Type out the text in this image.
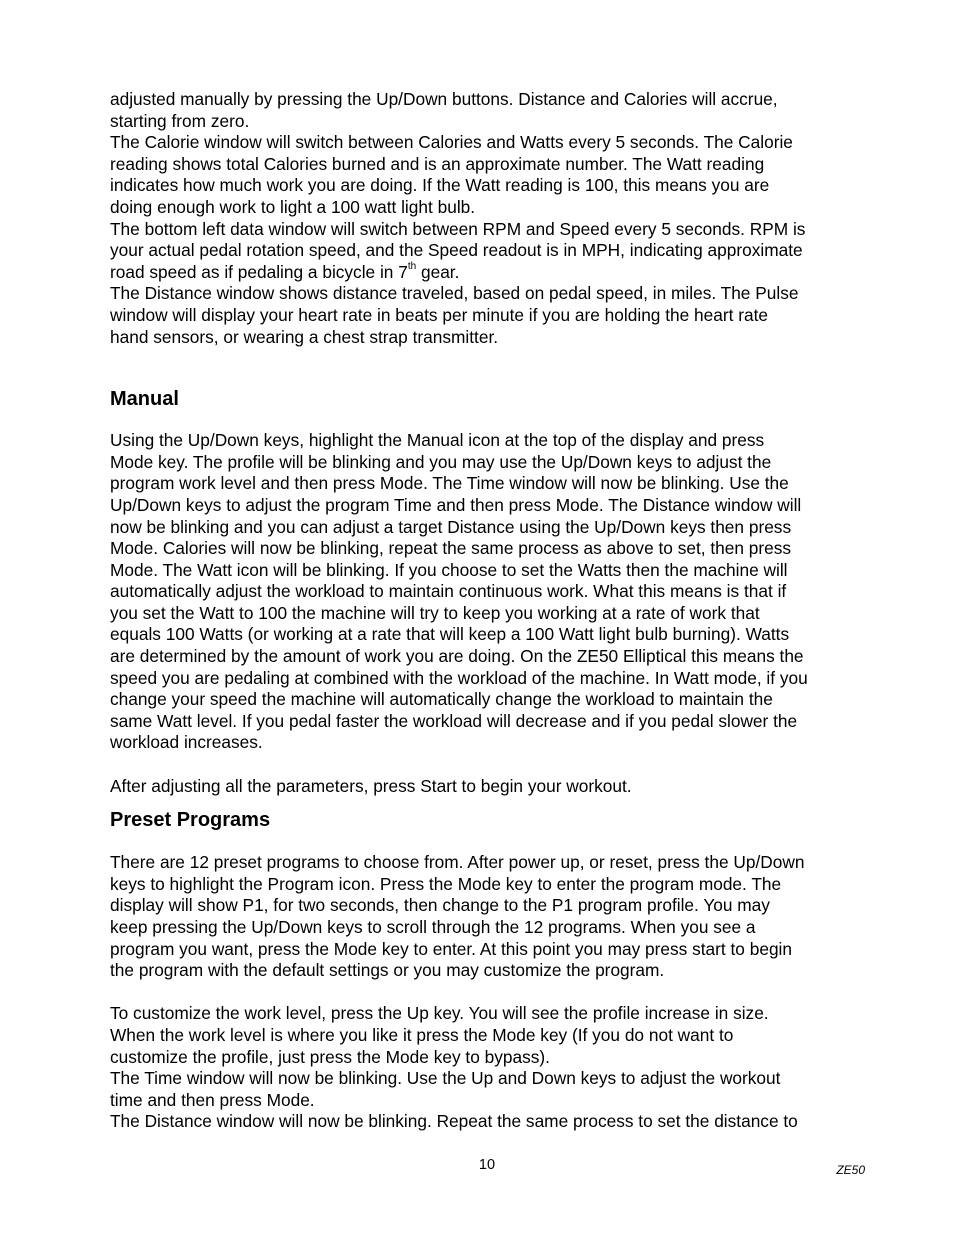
adjusted manually by pressing the Up/Down buttons. Distance and Calories will accrue,

starting from zero.

The Calorie window will switch between Calories and Watts every 5 seconds. The Calorie

reading shows total Calories burned and is an approximate number. The Watt reading

indicates how much work you are doing. If the Watt reading is 100, this means you are

doing enough work to light a 100 watt light bulb.

The bottom left data window will switch between RPM and Speed every 5 seconds. RPM is

your actual pedal rotation speed, and the Speed readout is in MPH, indicating approximate

road speed as if pedaling a bicycle in 7th gear.

The Distance window shows distance traveled, based on pedal speed, in miles. The Pulse

window will display your heart rate in beats per minute if you are holding the heart rate

hand sensors, or wearing a chest strap transmitter.

Manual

Using the Up/Down keys, highlight the Manual icon at the top of the display and press

Mode key. The profile will be blinking and you may use the Up/Down keys to adjust the

program work level and then press Mode. The Time window will now be blinking. Use the

Up/Down keys to adjust the program Time and then press Mode. The Distance window will

now be blinking and you can adjust a target Distance using the Up/Down keys then press

Mode. Calories will now be blinking, repeat the same process as above to set, then press

Mode. The Watt icon will be blinking. If you choose to set the Watts then the machine will

automatically adjust the workload to maintain continuous work. What this means is that if

you set the Watt to 100 the machine will try to keep you working at a rate of work that

equals 100 Watts (or working at a rate that will keep a 100 Watt light bulb burning). Watts

are determined by the amount of work you are doing. On the ZE50 Elliptical this means the

speed you are pedaling at combined with the workload of the machine. In Watt mode, if you

change your speed the machine will automatically change the workload to maintain the

same Watt level. If you pedal faster the workload will decrease and if you pedal slower the

workload increases.

After adjusting all the parameters, press Start to begin your workout.

Preset Programs

There are 12 preset programs to choose from. After power up, or reset, press the Up/Down

keys to highlight the Program icon. Press the Mode key to enter the program mode. The

display will show P1, for two seconds, then change to the P1 program profile. You may

keep pressing the Up/Down keys to scroll through the 12 programs. When you see a

program you want, press the Mode key to enter. At this point you may press start to begin

the program with the default settings or you may customize the program.

To customize the work level, press the Up key. You will see the profile increase in size.

When the work level is where you like it press the Mode key (If you do not want to

customize the profile, just press the Mode key to bypass).

The Time window will now be blinking. Use the Up and Down keys to adjust the workout

time and then press Mode.

The Distance window will now be blinking. Repeat the same process to set the distance to

10	ZE50
